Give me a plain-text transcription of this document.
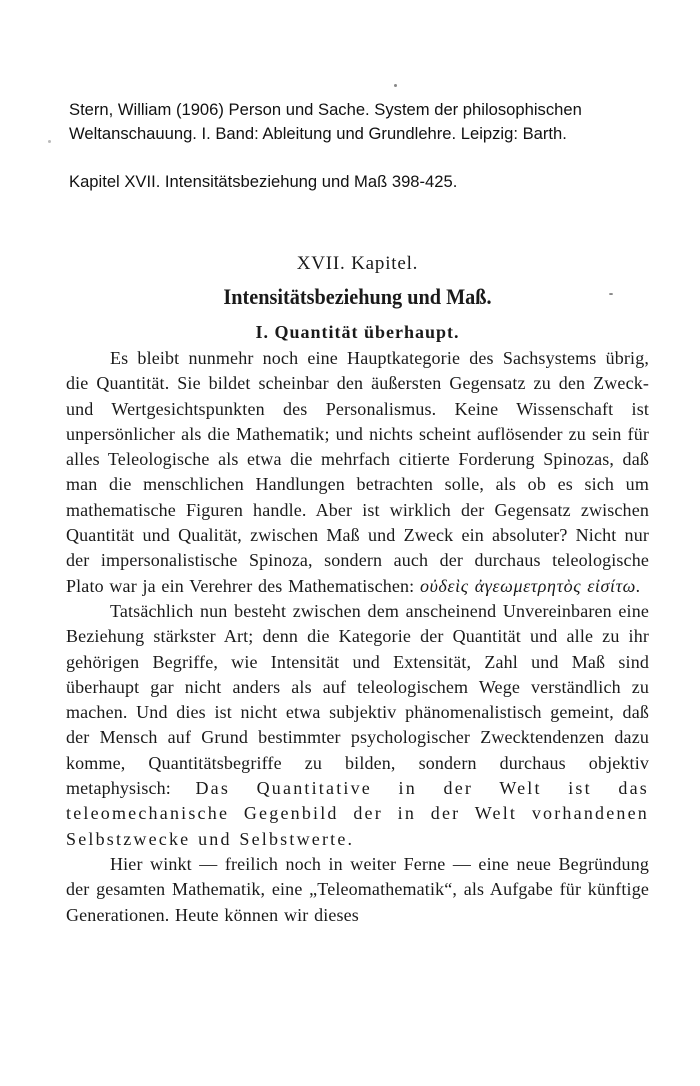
Stern, William (1906) Person und Sache. System der philosophischen Weltanschauung. I. Band: Ableitung und Grundlehre. Leipzig: Barth.

Kapitel XVII. Intensitätsbeziehung und Maß 398-425.

XVII. Kapitel.

Intensitätsbeziehung und Maß.
I. Quantität überhaupt.

Es bleibt nunmehr noch eine Hauptkategorie des Sachsystems übrig, die Quantität. Sie bildet scheinbar den äußersten Gegensatz zu den Zweck- und Wertgesichtspunkten des Personalismus. Keine Wissenschaft ist unpersönlicher als die Mathematik; und nichts scheint auflösender zu sein für alles Teleologische als etwa die mehrfach citierte Forderung Spinozas, daß man die menschlichen Handlungen betrachten solle, als ob es sich um mathematische Figuren handle. Aber ist wirklich der Gegensatz zwischen Quantität und Qualität, zwischen Maß und Zweck ein absoluter? Nicht nur der impersonalistische Spinoza, sondern auch der durchaus teleologische Plato war ja ein Verehrer des Mathematischen: οὐδεὶς ἀγεωμετρητὸς εἰσίτω.

Tatsächlich nun besteht zwischen dem anscheinend Unvereinbaren eine Beziehung stärkster Art; denn die Kategorie der Quantität und alle zu ihr gehörigen Begriffe, wie Intensität und Extensität, Zahl und Maß sind überhaupt gar nicht anders als auf teleologischem Wege verständlich zu machen. Und dies ist nicht etwa subjektiv phänomenalistisch gemeint, daß der Mensch auf Grund bestimmter psychologischer Zwecktendenzen dazu komme, Quantitätsbegriffe zu bilden, sondern durchaus objektiv metaphysisch: Das Quantitative in der Welt ist das teleomechanische Gegenbild der in der Welt vorhandenen Selbstzwecke und Selbstwerte.

Hier winkt — freilich noch in weiter Ferne — eine neue Begründung der gesamten Mathematik, eine „Teleomathematik“, als Aufgabe für künftige Generationen. Heute können wir dieses
